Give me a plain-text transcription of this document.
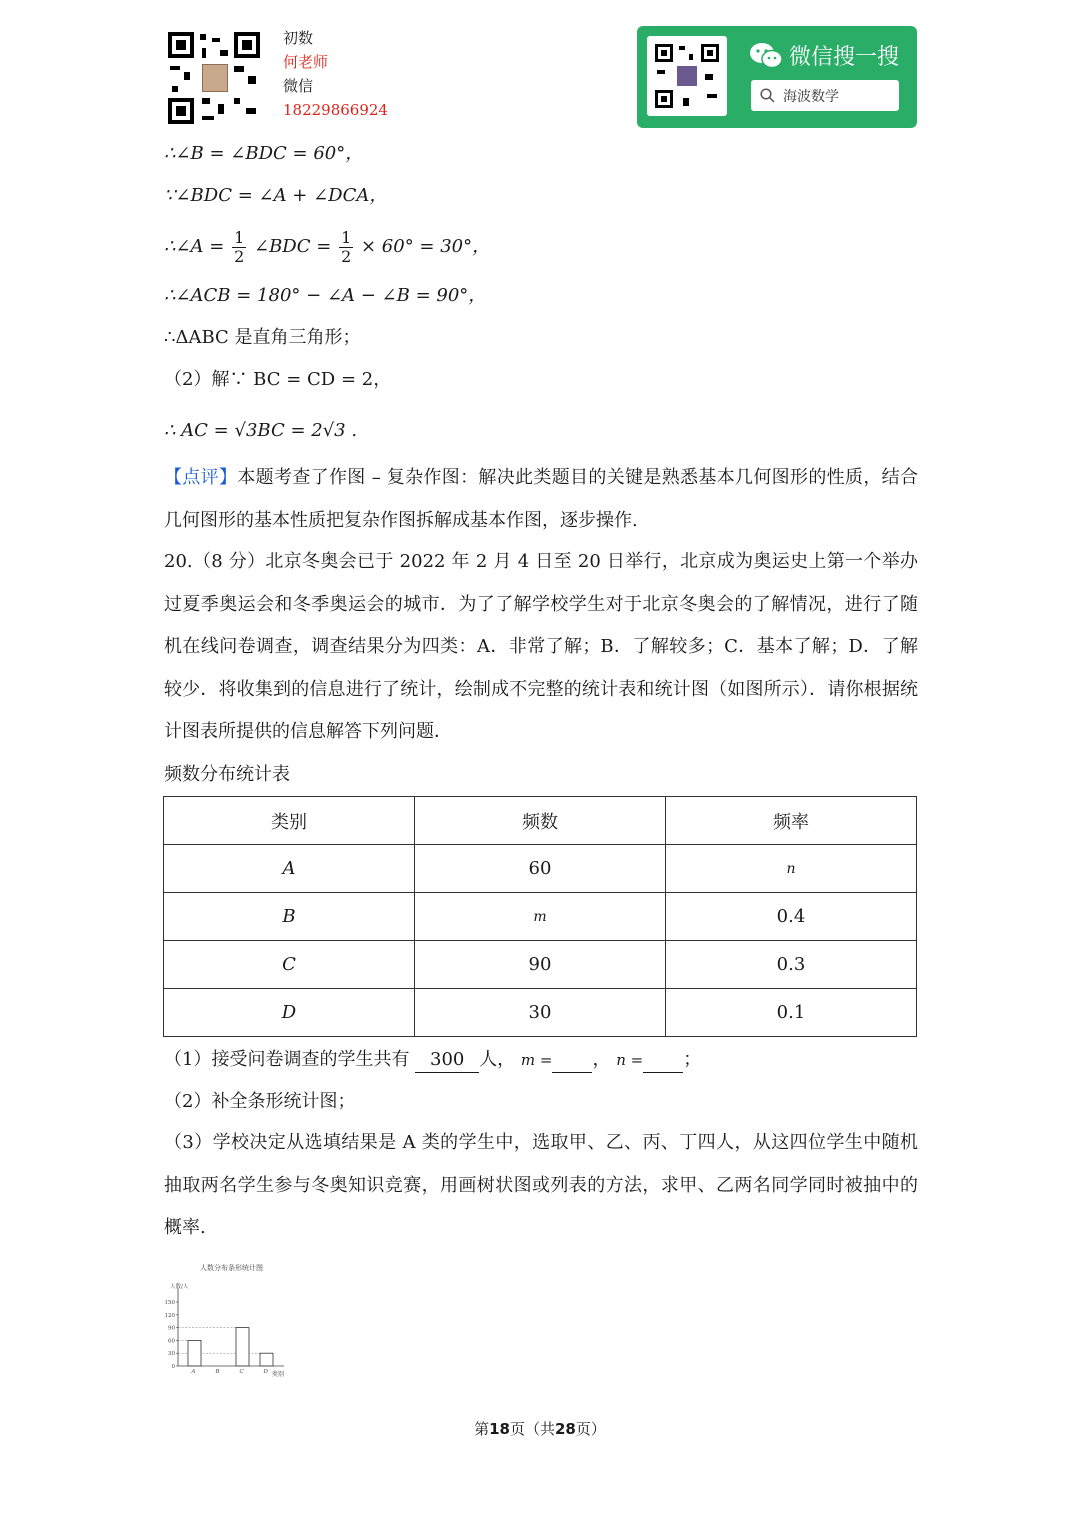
初数
何老师
微信
18229866924
微信搜一搜
海波数学
∴∠B = ∠BDC = 60°，
∵∠BDC = ∠A + ∠DCA，
∴∠A = $\frac{1}{2}$ ∠BDC = $\frac{1}{2} \times 60^\circ = 30^\circ$，
∴∠ACB = 180° − ∠A − ∠B = 90°，
∴ΔABC 是直角三角形；
（2）解∵ BC = CD = 2，
∴ AC = √3BC = 2√3 .
【点评】本题考查了作图 – 复杂作图：解决此类题目的关键是熟悉基本几何图形的性质，结合几何图形的基本性质把复杂作图拆解成基本作图，逐步操作.
20.（8 分）北京冬奥会已于 2022 年 2 月 4 日至 20 日举行，北京成为奥运史上第一个举办过夏季奥运会和冬季奥运会的城市．为了了解学校学生对于北京冬奥会的了解情况，进行了随机在线问卷调查，调查结果分为四类：A．非常了解；B．了解较多；C．基本了解；D．了解较少．将收集到的信息进行了统计，绘制成不完整的统计表和统计图（如图所示）．请你根据统计图表所提供的信息解答下列问题．
频数分布统计表
类别	频数	频率
A	60	n
B	m	0.4
C	90	0.3
D	30	0.1
（1）接受问卷调查的学生共有 300 人， m = ， n = ；
（2）补全条形统计图；
（3）学校决定从选填结果是 A 类的学生中，选取甲、乙、丙、丁四人，从这四位学生中随机抽取两名学生参与冬奥知识竞赛，用画树状图或列表的方法，求甲、乙两名同学同时被抽中的概率.
人数分布条形统计图
人数/人
类别
0
30
60
90
120
150
A	B	C	D
第18页（共28页）
